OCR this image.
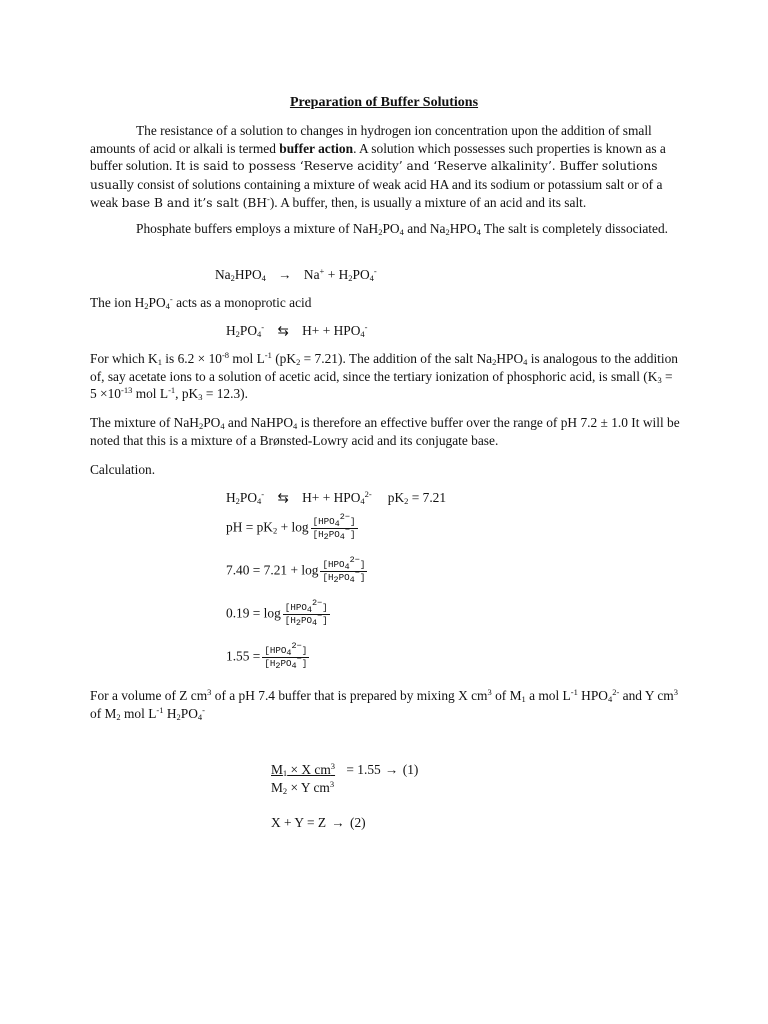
Preparation of Buffer Solutions
The resistance of a solution to changes in hydrogen ion concentration upon the addition of small amounts of acid or alkali is termed buffer action. A solution which possesses such properties is known as a buffer solution. It is said to possess ‘Reserve acidity’ and ‘Reserve alkalinity’. Buffer solutions usually consist of solutions containing a mixture of weak acid HA and its sodium or potassium salt or of a weak base B and it’s salt (BH-). A buffer, then, is usually a mixture of an acid and its salt.
Phosphate buffers employs a mixture of $NaH_2PO_4$ and $Na_2HPO_4$ The salt is completely dissociated.
$Na_2HPO_4 \to Na^+ + H_2PO_4^-$
The ion $H_2PO_4^-$ acts as a monoprotic acid
$H_2PO_4^-$ ⇆ $H+ + HPO_4^-$
For which $K_1$ is $6.2 \times 10^{-8}$ mol $L^{-1}$ $(pK_2 = 7.21)$. The addition of the salt $Na_2HPO_4$ is analogous to the addition of, say acetate ions to a solution of acetic acid, since the tertiary ionization of phosphoric acid, is small ($K_3 = 5 \times 10^{-13}$ mol $L^{-1}$, $pK_3 = 12.3$).
The mixture of $NaH_2PO_4$ and NaHPO$_4$ is therefore an effective buffer over the range of pH 7.2 ± 1.0 It will be noted that this is a mixture of a Brønsted-Lowry acid and its conjugate base.
Calculation.
$H_2PO_4^-$ ⇆ $H+ + HPO_4^{2-}$ $pK_2 = 7.21$
pH = $pK_2 + \log$ [ $HPO_4^{2-}$ ]
[ $H_2PO_4^-$ ]
7.40 = 7.21 + log [ $HPO_4^{2-}$ ]
[ $H_2PO_4^-$ ]
0.19 = log [ $HPO_4^{2-}$ ]
[ $H_2PO_4^-$ ]
1.55 = [ $HPO_4^{2-}$ ]
[ $H_2PO_4^-$ ]
For a volume of Z $cm^3$ of a pH 7.4 buffer that is prepared by mixing X $cm^3$ of $M_1$ a mol $L^{-1}$ $HPO_4^{2-}$ and Y $cm^3$ of $M_2$ mol $L^{-1}$ $H_2PO_4^-$
$\frac{M_1 \times X cm^3}{M_2 \times Y cm^3} = 1.55 \to (1)$
X + Y = Z → (2)
